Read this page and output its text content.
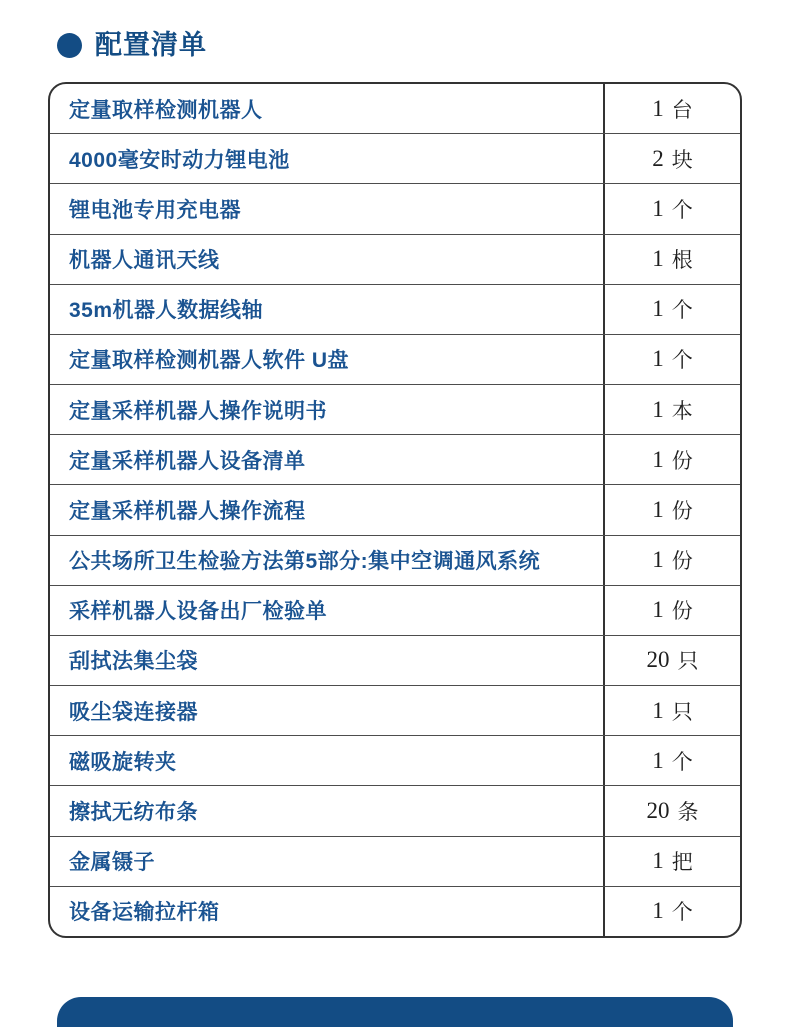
配置清单
定量取样检测机器人	1 台
4000毫安时动力锂电池	2 块
锂电池专用充电器	1 个
机器人通讯天线	1 根
35m机器人数据线轴	1 个
定量取样检测机器人软件 U盘	1 个
定量采样机器人操作说明书	1 本
定量采样机器人设备清单	1 份
定量采样机器人操作流程	1 份
公共场所卫生检验方法第5部分:集中空调通风系统	1 份
采样机器人设备出厂检验单	1 份
刮拭法集尘袋	20 只
吸尘袋连接器	1 只
磁吸旋转夹	1 个
擦拭无纺布条	20 条
金属镊子	1 把
设备运输拉杆箱	1 个
